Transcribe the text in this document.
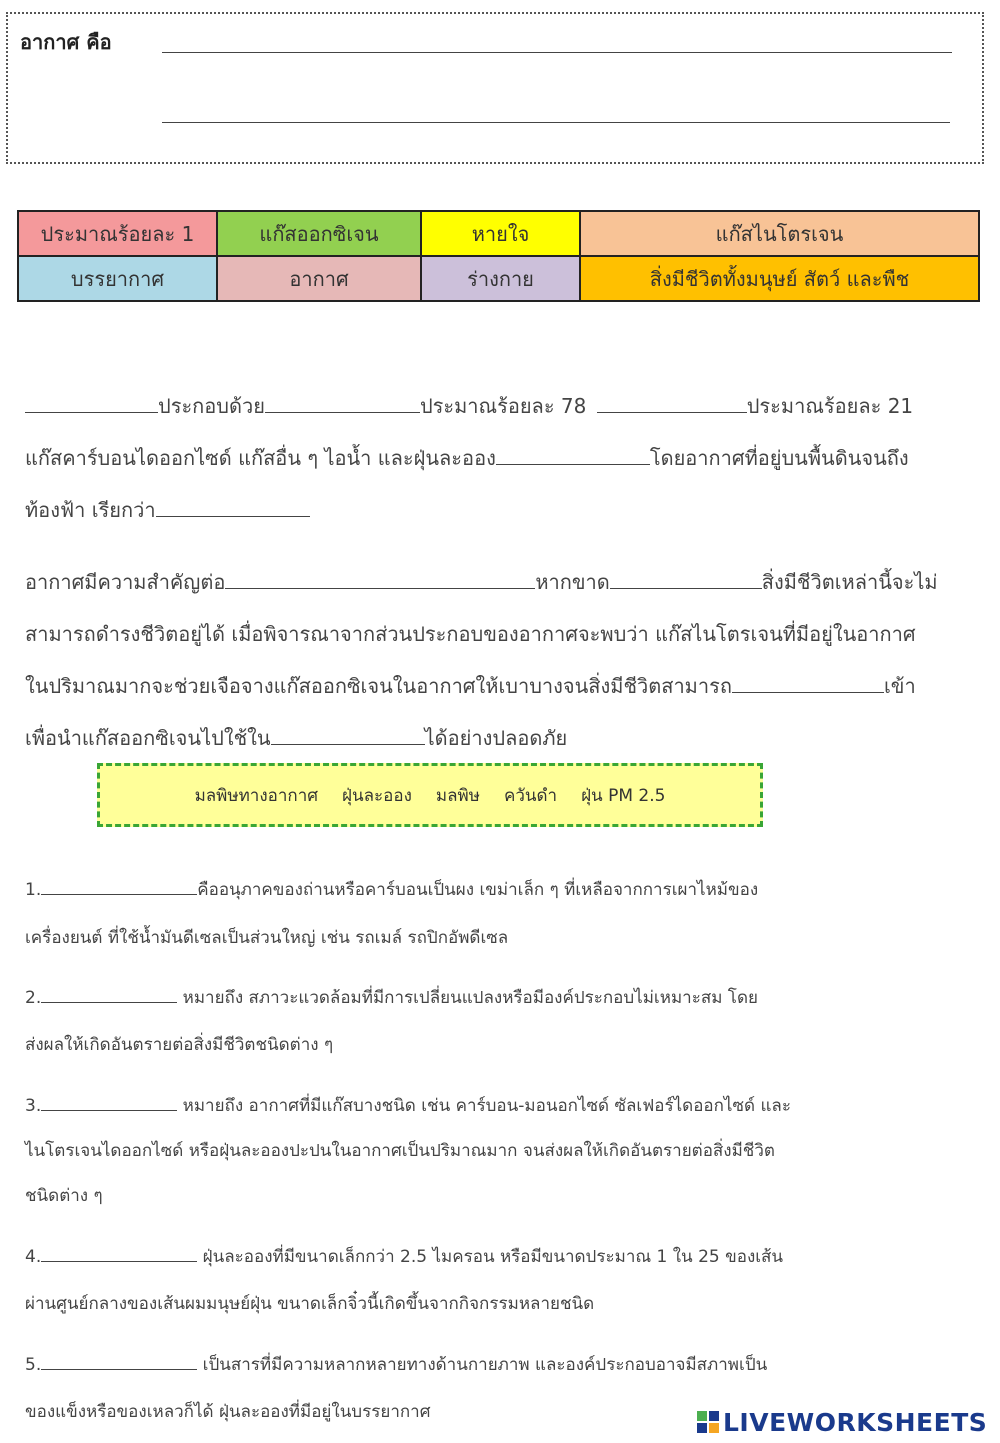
อากาศ คือ
ประมาณร้อยละ 1	แก๊สออกซิเจน	หายใจ	แก๊สไนโตรเจน
บรรยากาศ	อากาศ	ร่างกาย	สิ่งมีชีวิตทั้งมนุษย์ สัตว์ และพืช
ประกอบด้วย	ประมาณร้อยละ 78	ประมาณร้อยละ 21
แก๊สคาร์บอนไดออกไซด์ แก๊สอื่น ๆ ไอน้ำ และฝุ่นละออง	โดยอากาศที่อยู่บนพื้นดินจนถึง
ท้องฟ้า เรียกว่า
อากาศมีความสำคัญต่อ	หากขาด	สิ่งมีชีวิตเหล่านี้จะไม่
สามารถดำรงชีวิตอยู่ได้ เมื่อพิจารณาจากส่วนประกอบของอากาศจะพบว่า แก๊สไนโตรเจนที่มีอยู่ในอากาศ
ในปริมาณมากจะช่วยเจือจางแก๊สออกซิเจนในอากาศให้เบาบางจนสิ่งมีชีวิตสามารถ	เข้า
เพื่อนำแก๊สออกซิเจนไปใช้ใน	ได้อย่างปลอดภัย
มลพิษทางอากาศ ฝุ่นละออง มลพิษ ควันดำ ฝุ่น PM 2.5
1.	คืออนุภาคของถ่านหรือคาร์บอนเป็นผง เขม่าเล็ก ๆ ที่เหลือจากการเผาไหม้ของ
เครื่องยนต์ ที่ใช้น้ำมันดีเซลเป็นส่วนใหญ่ เช่น รถเมล์ รถปิกอัพดีเซล
2.	หมายถึง สภาวะแวดล้อมที่มีการเปลี่ยนแปลงหรือมีองค์ประกอบไม่เหมาะสม โดย
ส่งผลให้เกิดอันตรายต่อสิ่งมีชีวิตชนิดต่าง ๆ
3.	หมายถึง อากาศที่มีแก๊สบางชนิด เช่น คาร์บอน-มอนอกไซด์ ซัลเฟอร์ไดออกไซด์ และ
ไนโตรเจนไดออกไซด์ หรือฝุ่นละอองปะปนในอากาศเป็นปริมาณมาก จนส่งผลให้เกิดอันตรายต่อสิ่งมีชีวิต
ชนิดต่าง ๆ
4.	ฝุ่นละอองที่มีขนาดเล็กกว่า 2.5 ไมครอน หรือมีขนาดประมาณ 1 ใน 25 ของเส้น
ผ่านศูนย์กลางของเส้นผมมนุษย์ฝุ่น ขนาดเล็กจิ๋วนี้เกิดขึ้นจากกิจกรรมหลายชนิด
5.	เป็นสารที่มีความหลากหลายทางด้านกายภาพ และองค์ประกอบอาจมีสภาพเป็น
ของแข็งหรือของเหลวก็ได้ ฝุ่นละอองที่มีอยู่ในบรรยากาศ	LIVEWORKSHEETS
